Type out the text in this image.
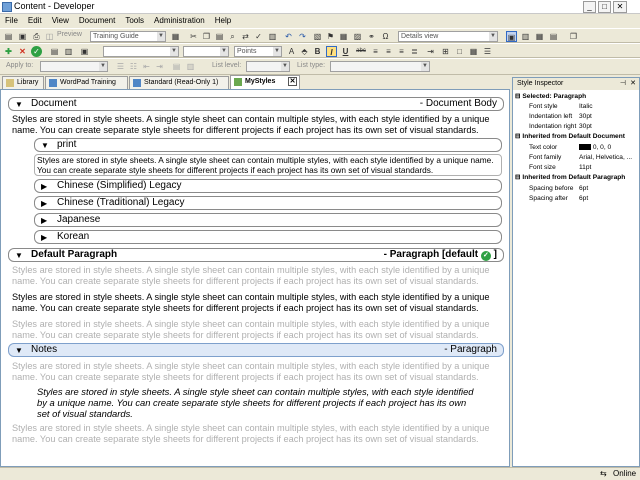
Content - Developer	_	□	✕
File Edit View Document Tools Administration Help
▤ ▣ ⎙ ◫ Preview	Training Guide	▼ ▦ ✂ ❐ ▤ ⌕ ⇄ ✓ ▥ ↶ ↷ ▧ ⚑ ▦ ▨ ⚭ Ω	Details view	▼ ▣ ▥ ▦ ▤ ❐
✚ ✕ ✓ ▤ ▥ ▣	▼	▼	Points	▼	A ⬘ B	I	U	abc ≡	≡	≡ ≣ ⇥ ⊞	□ ▦ ☰
Apply to:	▼ ☰ ☷ ⇤ ⇥ ▤ ▥	List level:	▼ List type:	▼
Library	WordPad Training	Standard (Read-Only 1)	MyStyles ✕
▼ Document	- Document Body
Styles are stored in style sheets. A single style sheet can contain multiple styles, with each style identified by a unique name. You can create separate style sheets for different projects if each project has its own set of visual standards.
▼ print
Styles are stored in style sheets. A single style sheet can contain multiple styles, with each style identified by a unique name. You can create separate style sheets for different projects if each project has its own set of visual standards.
▶ Chinese (Simplified) Legacy
▶ Chinese (Traditional) Legacy
▶ Japanese
▶ Korean
▼ Default Paragraph	- Paragraph [default ✓ ]
Styles are stored in style sheets. A single style sheet can contain multiple styles, with each style identified by a unique name. You can create separate style sheets for different projects if each project has its own set of visual standards.
Styles are stored in style sheets. A single style sheet can contain multiple styles, with each style identified by a unique name. You can create separate style sheets for different projects if each project has its own set of visual standards.
Styles are stored in style sheets. A single style sheet can contain multiple styles, with each style identified by a unique name. You can create separate style sheets for different projects if each project has its own set of visual standards.
▼ Notes	- Paragraph
Styles are stored in style sheets. A single style sheet can contain multiple styles, with each style identified by a unique name. You can create separate style sheets for different projects if each project has its own set of visual standards.
Styles are stored in style sheets. A single style sheet can contain multiple styles, with each style identified by a unique name. You can create separate style sheets for different projects if each project has its own set of visual standards.
Styles are stored in style sheets. A single style sheet can contain multiple styles, with each style identified by a unique name. You can create separate style sheets for different projects if each project has its own set of visual standards.
Style Inspector	⊣ ✕
⊟ Selected: Paragraph
Font style	Italic
Indentation left	30pt
Indentation right 30pt
⊟ Inherited from Default Document
Text color	0, 0, 0
Font family	Arial, Helvetica, ...
Font size	11pt
⊟ Inherited from Default Paragraph
Spacing before 6pt
Spacing after	6pt
⇆ Online
